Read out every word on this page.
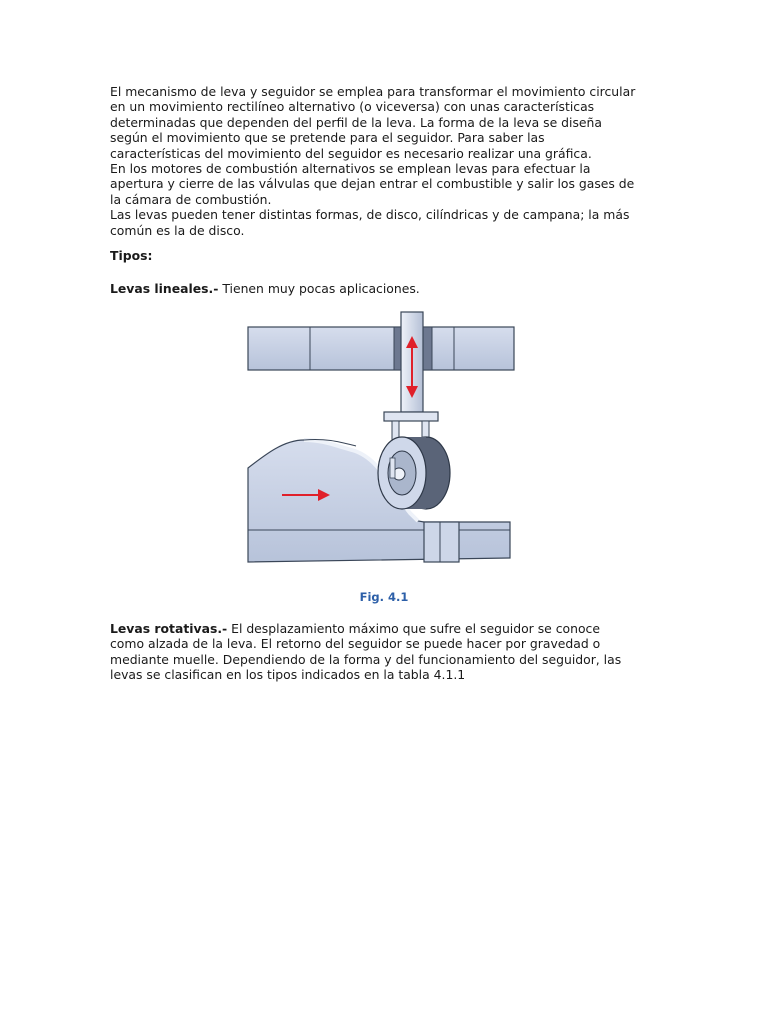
El mecanismo de leva y seguidor se emplea para transformar el movimiento circular

en un movimiento rectilíneo alternativo (o viceversa) con unas características

determinadas que dependen del perfil de la leva. La forma de la leva se diseña

según el movimiento que se pretende para el seguidor. Para saber las

características del movimiento del seguidor es necesario realizar una gráfica.

En los motores de combustión alternativos se emplean levas para efectuar la

apertura y cierre de las válvulas que dejan entrar el combustible y salir los gases de

la cámara de combustión.

Las levas pueden tener distintas formas, de disco, cilíndricas y de campana; la más

común es la de disco.

Tipos:
Levas lineales.- Tienen muy pocas aplicaciones.
Fig. 4.1
Levas rotativas.- El desplazamiento máximo que sufre el seguidor se conoce
como alzada de la leva. El retorno del seguidor se puede hacer por gravedad o
mediante muelle. Dependiendo de la forma y del funcionamiento del seguidor, las
levas se clasifican en los tipos indicados en la tabla 4.1.1
